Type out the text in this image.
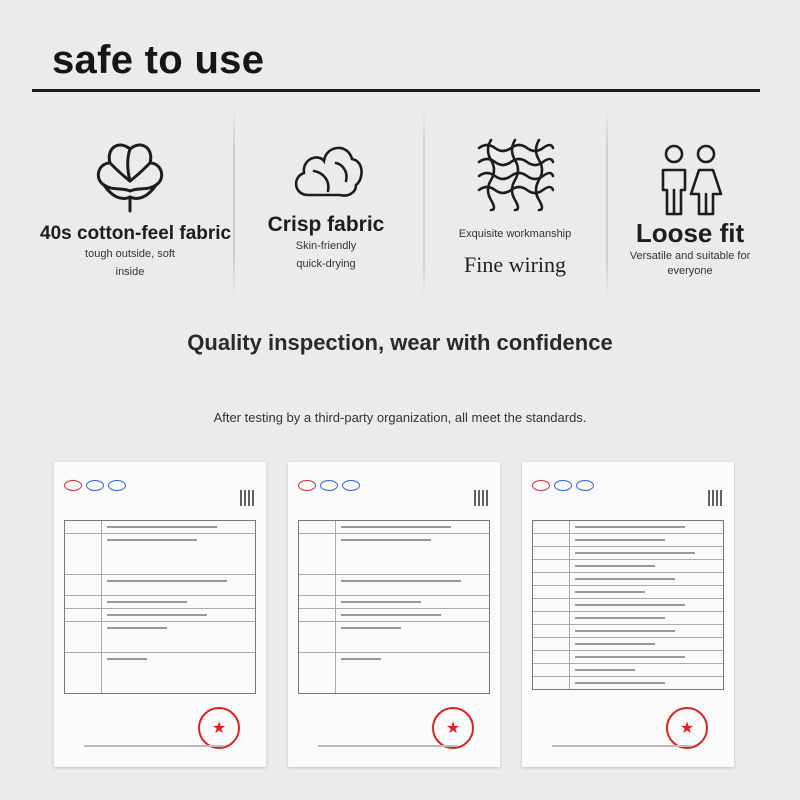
safe to use
40s cotton-feel fabric
tough outside, soft
inside
Crisp fabric
Skin-friendly
quick-drying
Exquisite workmanship
Fine wiring
Loose fit
Versatile and suitable for
everyone
Quality inspection, wear with confidence
After testing by a third-party organization, all meet the standards.
★	★	★
